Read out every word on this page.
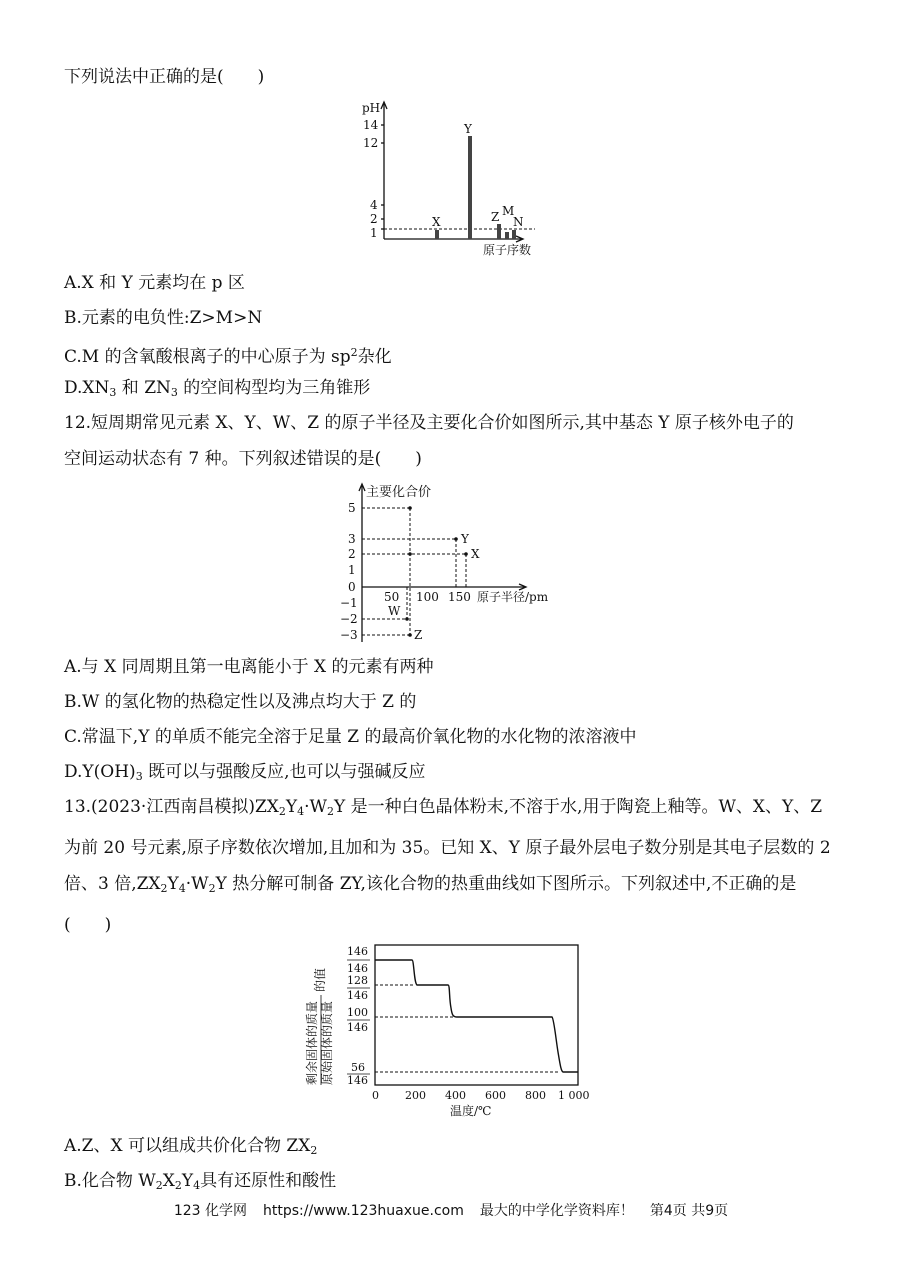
下列说法中正确的是(　　)
pH
14
12
4
2
1
X
Y
Z M
N
原子序数
A.X 和 Y 元素均在 p 区
B.元素的电负性:Z>M>N
C.M 的含氧酸根离子的中心原子为 $sp^2$杂化
$D.XN_3$ 和 $ZN_3$ 的空间构型均为三角锥形
12.短周期常见元素 X、Y、W、Z 的原子半径及主要化合价如图所示,其中基态 Y 原子核外电子的
空间运动状态有 7 种。下列叙述错误的是(　　)
主要化合价
5
3
2
1
0
−1
−2
−3
50 100 150 原子半径/pm
Y
X
W
Z
A.与 X 同周期且第一电离能小于 X 的元素有两种
B.W 的氢化物的热稳定性以及沸点均大于 Z 的
C.常温下,Y 的单质不能完全溶于足量 Z 的最高价氧化物的水化物的浓溶液中
$D.Y(OH)_3$ 既可以与强酸反应,也可以与强碱反应
13.(2023·江西南昌模拟)$ZX_2Y_4\cdot W_2Y$ 是一种白色晶体粉末,不溶于水,用于陶瓷上釉等。W、X、Y、Z 为前 20 号元素,原子序数依次增加,且加和为 35。已知 X、Y 原子最外层电子数分别是其电子层数的 2 倍、3 倍$,ZX_2Y_4\cdot W_2Y$ 热分解可制备 ZY,该化合物的热重曲线如下图所示。下列叙述中,不正确的是(　　)
146
146
128
146
100
146
56
146
剩余固体的质量 原始固体的质量
的值
0 200 400 600 800 1 000
温度/℃
A.Z、X 可以组成共价化合物 $ZX_2$
B.化合物 $W_2X_2Y_4$具有还原性和酸性
123 化学网 https://www.123huaxue.com 最大的中学化学资料库！ 第4页 共9页
